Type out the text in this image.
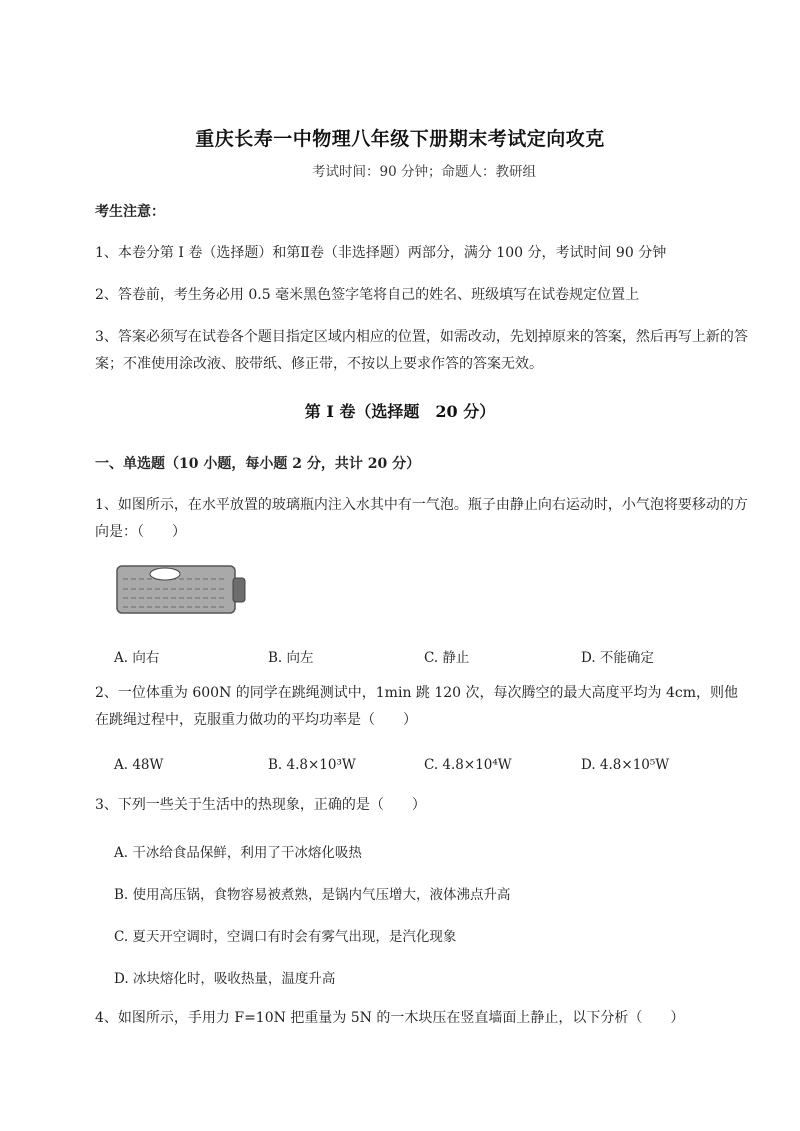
重庆长寿一中物理八年级下册期末考试定向攻克
考试时间：90 分钟；命题人：教研组
考生注意：
1、本卷分第 I 卷（选择题）和第Ⅱ卷（非选择题）两部分，满分 100 分，考试时间 90 分钟
2、答卷前，考生务必用 0.5 毫米黑色签字笔将自己的姓名、班级填写在试卷规定位置上
3、答案必须写在试卷各个题目指定区域内相应的位置，如需改动，先划掉原来的答案，然后再写上新的答案；不准使用涂改液、胶带纸、修正带，不按以上要求作答的答案无效。
第 I 卷（选择题　20 分）
一、单选题（10 小题，每小题 2 分，共计 20 分）
1、如图所示，在水平放置的玻璃瓶内注入水其中有一气泡。瓶子由静止向右运动时，小气泡将要移动的方向是：（　　）
A. 向右	B. 向左	C. 静止	D. 不能确定
2、一位体重为 600N 的同学在跳绳测试中，1min 跳 120 次，每次腾空的最大高度平均为 4cm，则他在跳绳过程中，克服重力做功的平均功率是（　　）
A. 48W	B. 4.8×10³W	C. 4.8×10⁴W	D. 4.8×10⁵W
3、下列一些关于生活中的热现象，正确的是（　　）
A. 干冰给食品保鲜，利用了干冰熔化吸热
B. 使用高压锅，食物容易被煮熟，是锅内气压增大，液体沸点升高
C. 夏天开空调时，空调口有时会有雾气出现，是汽化现象
D. 冰块熔化时，吸收热量，温度升高
4、如图所示，手用力 F=10N 把重量为 5N 的一木块压在竖直墙面上静止，以下分析（　　）
